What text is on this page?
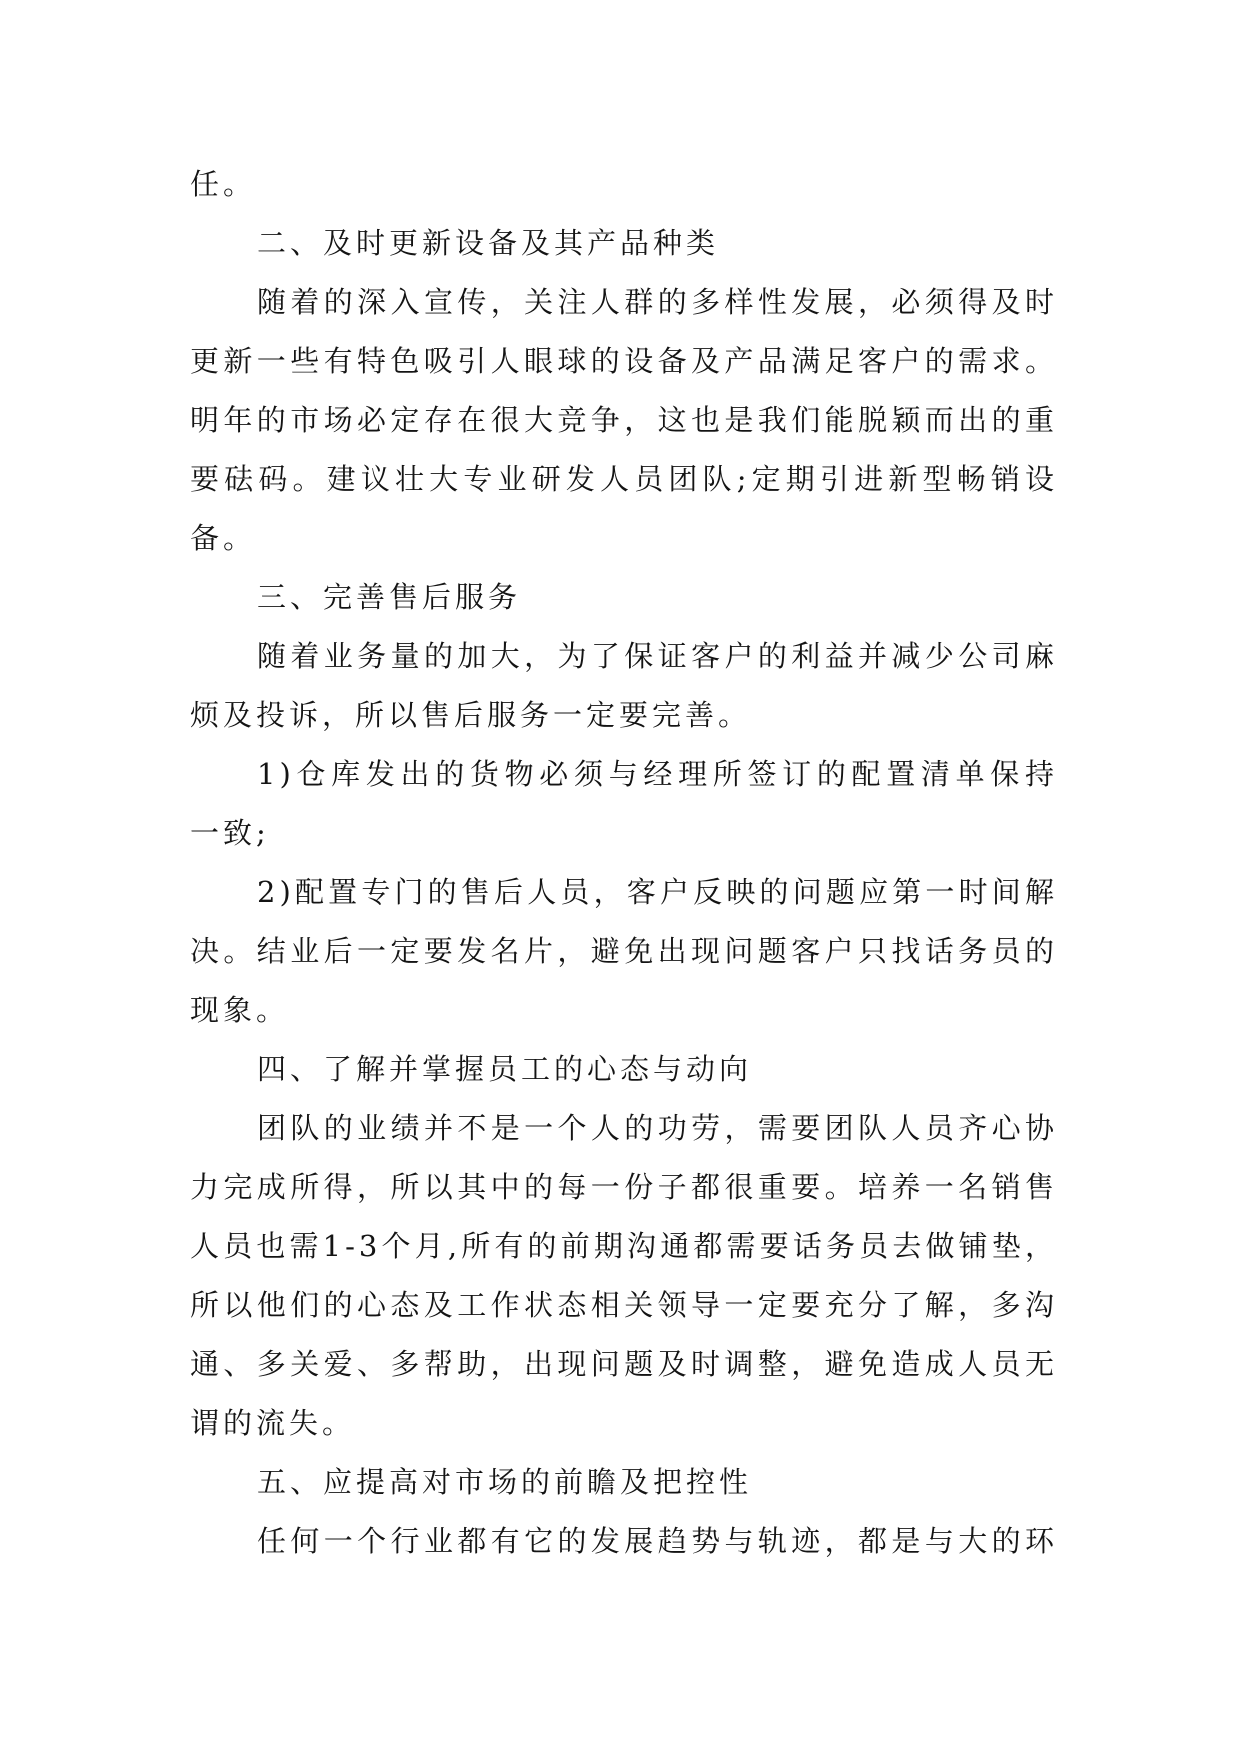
任。
二、及时更新设备及其产品种类
随着的深入宣传，关注人群的多样性发展，必须得及时
更新一些有特色吸引人眼球的设备及产品满足客户的需求。
明年的市场必定存在很大竞争，这也是我们能脱颖而出的重
要砝码。建议壮大专业研发人员团队;定期引进新型畅销设
备。
三、完善售后服务
随着业务量的加大，为了保证客户的利益并减少公司麻
烦及投诉，所以售后服务一定要完善。
1)仓库发出的货物必须与经理所签订的配置清单保持
一致;
2)配置专门的售后人员，客户反映的问题应第一时间解
决。结业后一定要发名片，避免出现问题客户只找话务员的
现象。
四、了解并掌握员工的心态与动向
团队的业绩并不是一个人的功劳，需要团队人员齐心协
力完成所得，所以其中的每一份子都很重要。培养一名销售
人员也需1-3个月,所有的前期沟通都需要话务员去做铺垫，
所以他们的心态及工作状态相关领导一定要充分了解，多沟
通、多关爱、多帮助，出现问题及时调整，避免造成人员无
谓的流失。
五、应提高对市场的前瞻及把控性
任何一个行业都有它的发展趋势与轨迹，都是与大的环
